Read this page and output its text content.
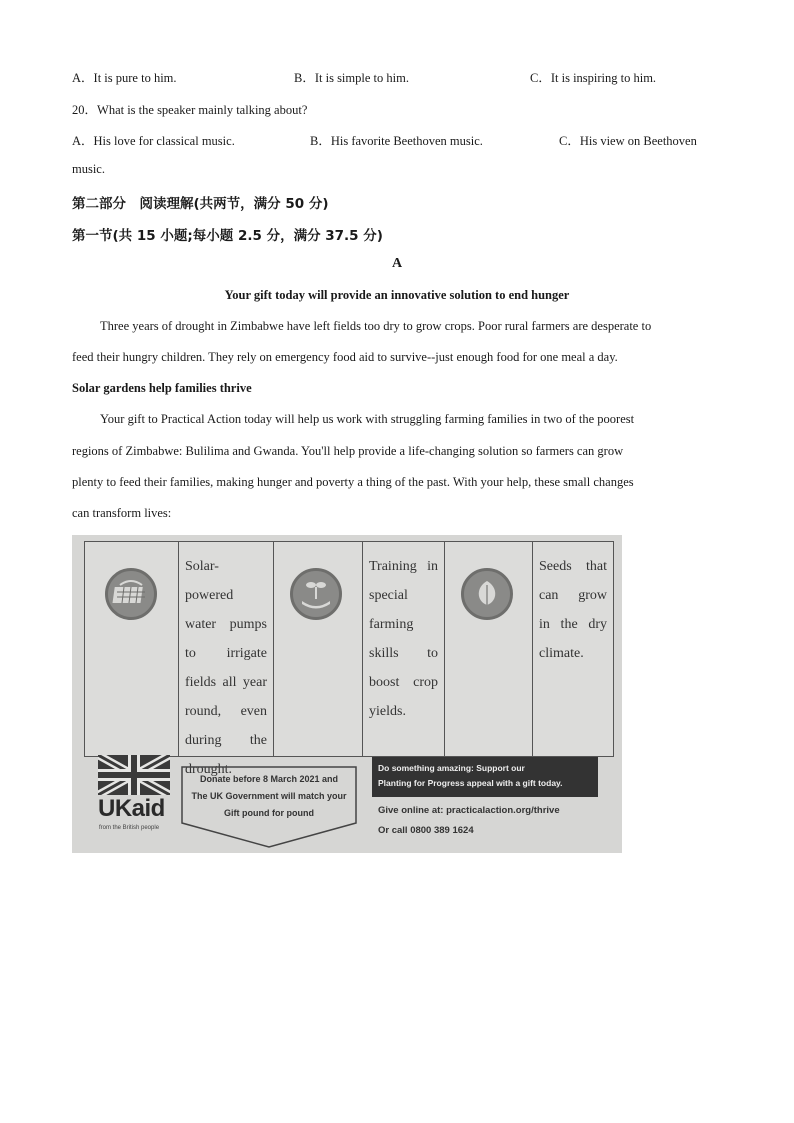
A．It is pure to him.	B．It is simple to him.	C．It is inspiring to him.
20．What is the speaker mainly talking about?
A．His love for classical music.	B．His favorite Beethoven music.	C．His view on Beethoven
music.
第二部分　阅读理解(共两节，满分 50 分)
第一节(共 15 小题;每小题 2.5 分，满分 37.5 分)
A
Your gift today will provide an innovative solution to end hunger
Three years of drought in Zimbabwe have left fields too dry to grow crops. Poor rural farmers are desperate to
feed their hungry children. They rely on emergency food aid to survive--just enough food for one meal a day.
Solar gardens help families thrive
Your gift to Practical Action today will help us work with struggling farming families in two of the poorest
regions of Zimbabwe: Bulilima and Gwanda. You'll help provide a life-changing solution so farmers can grow
plenty to feed their families, making hunger and poverty a thing of the past. With your help, these small changes
can transform lives:
Solar-powered
water pumps
to irrigate
fields all year
round, even
during the
drought.
Training in
special
farming
skills to
boost crop
yields.
Seeds that
can grow
in the dry
climate.
UKaid
from the British people
Donate before 8 March 2021 and
The UK Government will match your
Gift pound for pound
Do something amazing: Support our
Planting for Progress appeal with a gift today.
Give online at: practicalaction.org/thrive
Or call 0800 389 1624
